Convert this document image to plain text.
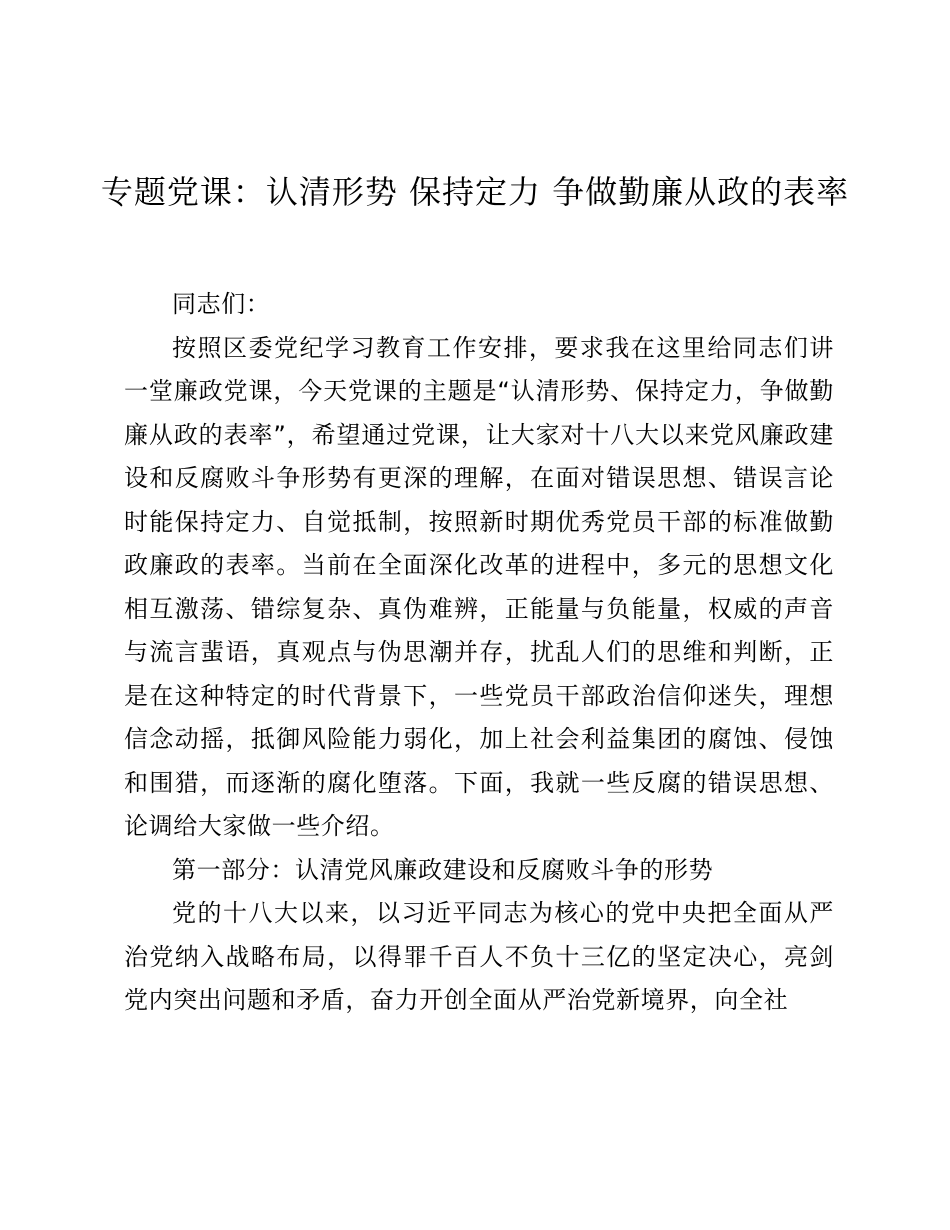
专题党课：认清形势 保持定力 争做勤廉从政的表率

同志们：

按照区委党纪学习教育工作安排，要求我在这里给同志们讲一堂廉政党课，今天党课的主题是“认清形势、保持定力，争做勤廉从政的表率”，希望通过党课，让大家对十八大以来党风廉政建设和反腐败斗争形势有更深的理解，在面对错误思想、错误言论时能保持定力、自觉抵制，按照新时期优秀党员干部的标准做勤政廉政的表率。当前在全面深化改革的进程中，多元的思想文化相互激荡、错综复杂、真伪难辨，正能量与负能量，权威的声音与流言蜚语，真观点与伪思潮并存，扰乱人们的思维和判断，正是在这种特定的时代背景下，一些党员干部政治信仰迷失，理想信念动摇，抵御风险能力弱化，加上社会利益集团的腐蚀、侵蚀和围猎，而逐渐的腐化堕落。下面，我就一些反腐的错误思想、论调给大家做一些介绍。

第一部分：认清党风廉政建设和反腐败斗争的形势

党的十八大以来，以习近平同志为核心的党中央把全面从严治党纳入战略布局，以得罪千百人不负十三亿的坚定决心，亮剑党内突出问题和矛盾，奋力开创全面从严治党新境界，向全社
